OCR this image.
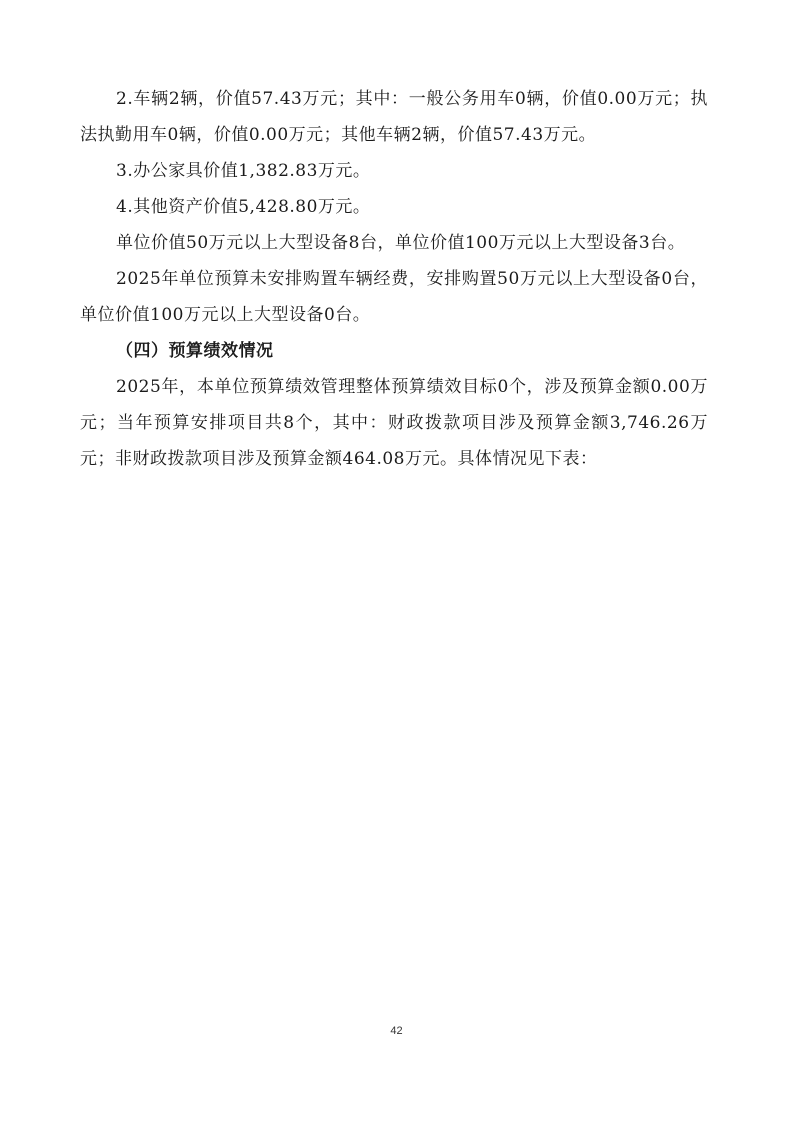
2.车辆2辆，价值57.43万元；其中：一般公务用车0辆，价值0.00万元；执法执勤用车0辆，价值0.00万元；其他车辆2辆，价值57.43万元。

3.办公家具价值1,382.83万元。

4.其他资产价值5,428.80万元。

单位价值50万元以上大型设备8台，单位价值100万元以上大型设备3台。

2025年单位预算未安排购置车辆经费，安排购置50万元以上大型设备0台，单位价值100万元以上大型设备0台。

（四）预算绩效情况

2025年，本单位预算绩效管理整体预算绩效目标0个，涉及预算金额0.00万元；当年预算安排项目共8个，其中：财政拨款项目涉及预算金额3,746.26万元；非财政拨款项目涉及预算金额464.08万元。具体情况见下表：

42
